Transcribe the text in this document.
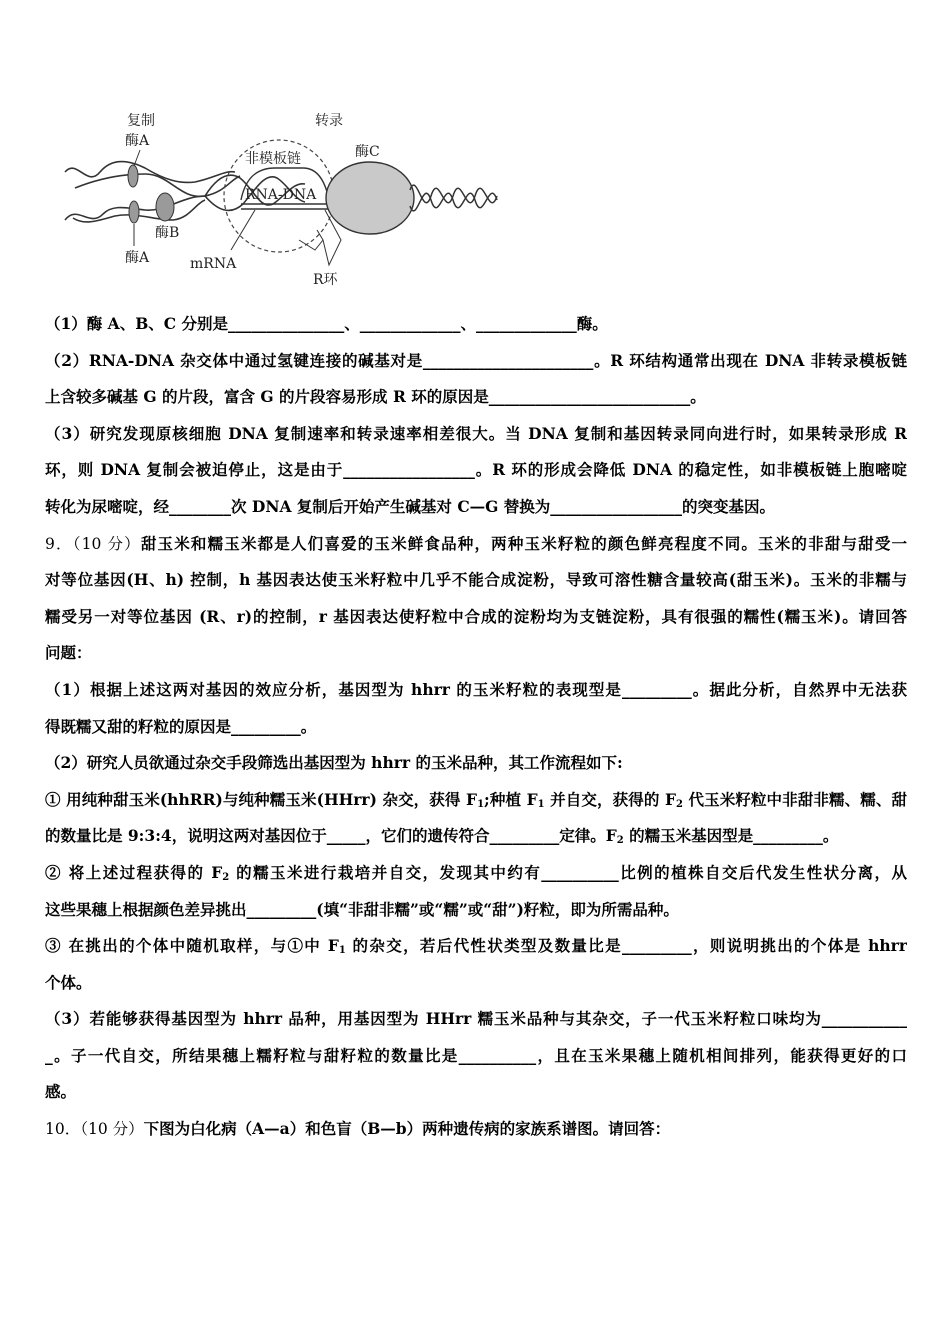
复制
酶A
酶B
酶A
转录
非模板链
RNA-DNA
酶C
mRNA
R环
（1）酶 A、B、C 分别是_______________、_____________、_____________酶。
（2）RNA-DNA 杂交体中通过氢键连接的碱基对是______________________。R 环结构通常出现在 DNA 非转录模板链
上含较多碱基 G 的片段，富含 G 的片段容易形成 R 环的原因是__________________________。
（3）研究发现原核细胞 DNA 复制速率和转录速率相差很大。当 DNA 复制和基因转录同向进行时，如果转录形成 R
环，则 DNA 复制会被迫停止，这是由于_________________。R 环的形成会降低 DNA 的稳定性，如非模板链上胞嘧啶
转化为尿嘧啶，经________次 DNA 复制后开始产生碱基对 C—G 替换为_________________的突变基因。
9．（10 分）甜玉米和糯玉米都是人们喜爱的玉米鲜食品种，两种玉米籽粒的颜色鲜亮程度不同。玉米的非甜与甜受一
对等位基因(H、h) 控制，h 基因表达使玉米籽粒中几乎不能合成淀粉，导致可溶性糖含量较高(甜玉米)。玉米的非糯与
糯受另一对等位基因 (R、r)的控制，r 基因表达使籽粒中合成的淀粉均为支链淀粉，具有很强的糯性(糯玉米)。请回答
问题：
（1）根据上述这两对基因的效应分析，基因型为 hhrr 的玉米籽粒的表现型是_________。据此分析，自然界中无法获
得既糯又甜的籽粒的原因是_________。
（2）研究人员欲通过杂交手段筛选出基因型为 hhrr 的玉米品种，其工作流程如下:
① 用纯种甜玉米(hhRR)与纯种糯玉米(HHrr) 杂交，获得 $F_1$;种植 $F_1$ 并自交，获得的 $F_2$ 代玉米籽粒中非甜非糯、糯、甜
的数量比是 9:3:4，说明这两对基因位于_____，它们的遗传符合_________定律。$F_2$ 的糯玉米基因型是_________。
② 将上述过程获得的 $F_2$ 的糯玉米进行栽培并自交，发现其中约有__________比例的植株自交后代发生性状分离，从
这些果穗上根据颜色差异挑出_________(填“非甜非糯”或“糯”或“甜”)籽粒，即为所需品种。
③ 在挑出的个体中随机取样，与①中 $F_1$ 的杂交，若后代性状类型及数量比是_________，则说明挑出的个体是 hhrr
个体。
（3）若能够获得基因型为 hhrr 品种，用基因型为 HHrr 糯玉米品种与其杂交，子一代玉米籽粒口味均为___________
_。子一代自交，所结果穗上糯籽粒与甜籽粒的数量比是__________，且在玉米果穗上随机相间排列，能获得更好的口
感。
10．（10 分）下图为白化病（A—a）和色盲（B—b）两种遗传病的家族系谱图。请回答：
